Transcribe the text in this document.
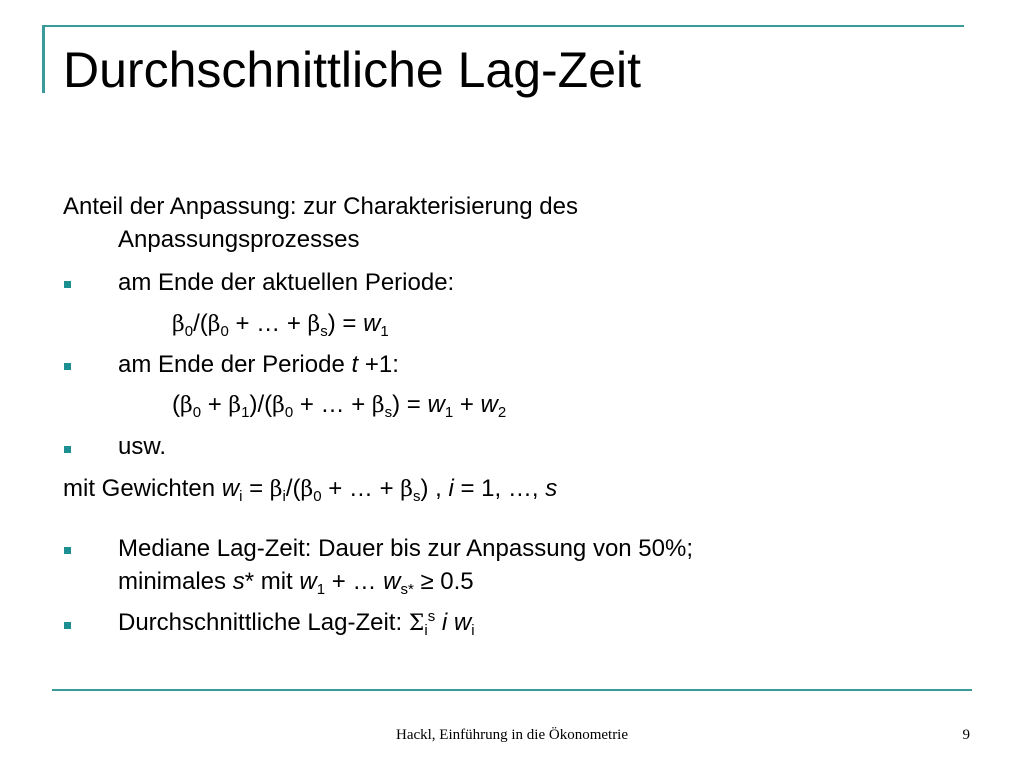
Durchschnittliche Lag-Zeit
Anteil der Anpassung: zur Charakterisierung des
Anpassungsprozesses
am Ende der aktuellen Periode:
$\beta_0/(\beta_0$ + … + $\beta_s) = w_1$
am Ende der Periode t +1:
$(\beta_0 + \beta_1)/(\beta_0$ + … + $\beta_s) = w_1 + w_2$
usw.
mit Gewichten $w_i = \beta_i/(\beta_0$ + … + $\beta_s$) , i = 1, …, s
Mediane Lag-Zeit: Dauer bis zur Anpassung von 50%;
minimales s* mit $w_1$ + … $w_{s*} \ge 0.5$
Durchschnittliche Lag-Zeit: $\Sigma_i^s$ i $w_i$
Hackl, Einführung in die Ökonometrie	9
